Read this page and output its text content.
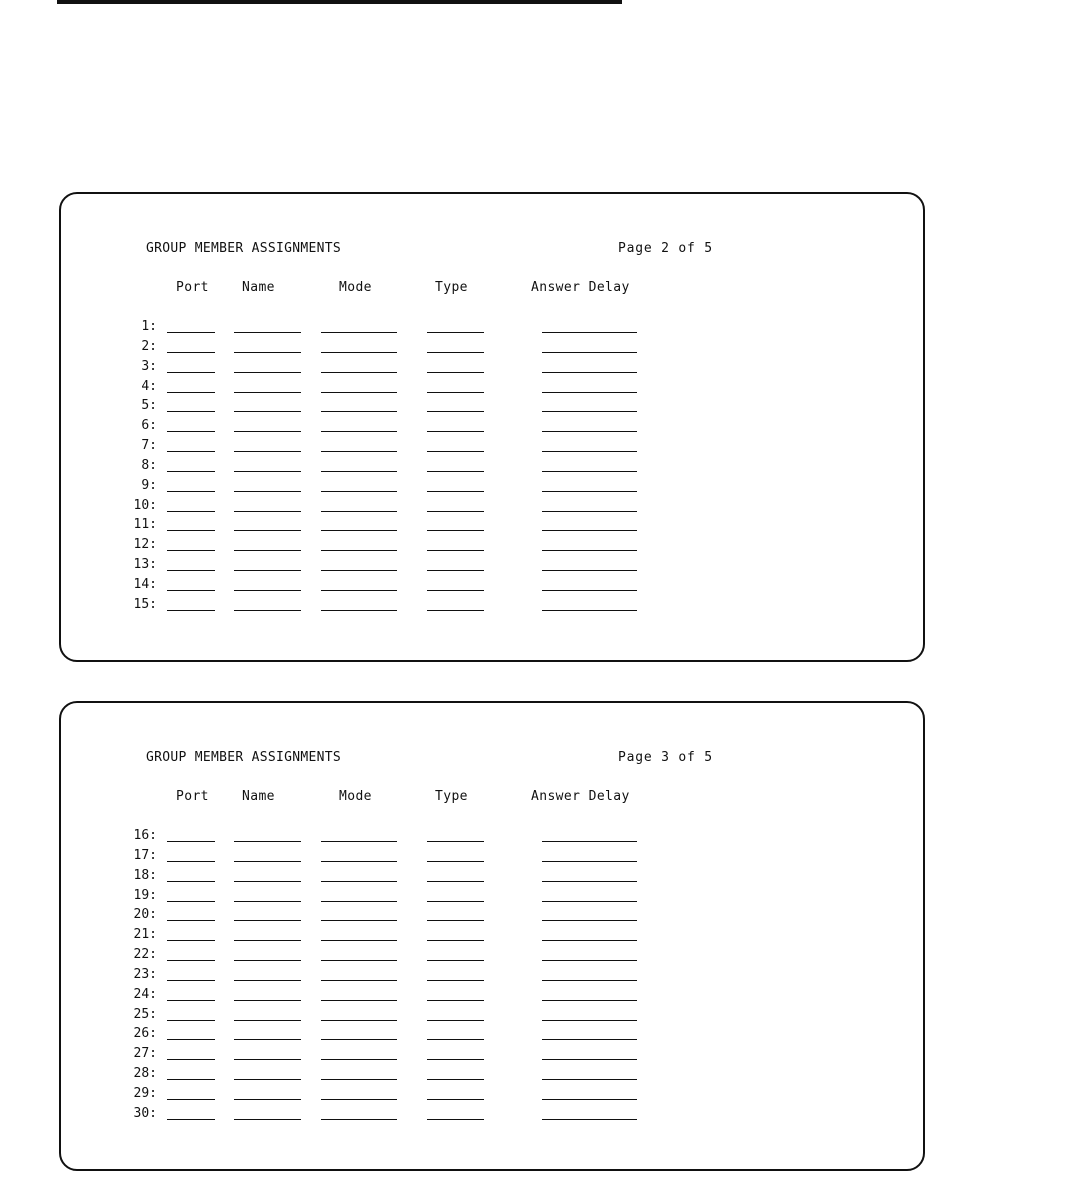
GROUP MEMBER ASSIGNMENTS	Page 2 of 5
Port	Name	Mode	Type	Answer Delay
1:
2:
3:
4:
5:
6:
7:
8:
9:
10:
11:
12:
13:
14:
15:
GROUP MEMBER ASSIGNMENTS	Page 3 of 5
Port	Name	Mode	Type	Answer Delay
16:
17:
18:
19:
20:
21:
22:
23:
24:
25:
26:
27:
28:
29:
30:
